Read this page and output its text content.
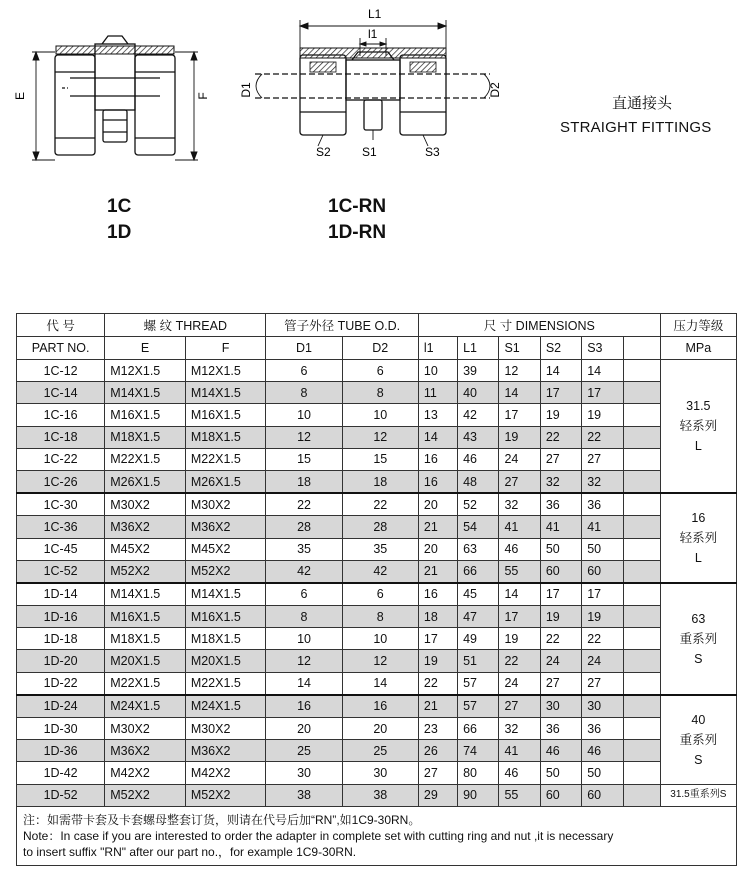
E	F
L1
l1
D1	D2
S2	S1	S3
直通接头
STRAIGHT FITTINGS
1C
1D
1C-RN
1D-RN
代 号	螺 纹 THREAD		管子外径 TUBE O.D.		尺 寸 DIMENSIONS						压力等级
PART NO.	E	F	D1	D2	l1	L1	S1	S2	S3		MPa
1C-12	M12X1.5	M12X1.5	6	6	10	39	12	14	14		31.5
轻系列
L

1C-14	M14X1.5	M14X1.5	8	8	11	40	14	17	17		
1C-16	M16X1.5	M16X1.5	10	10	13	42	17	19	19		
1C-18	M18X1.5	M18X1.5	12	12	14	43	19	22	22		
1C-22	M22X1.5	M22X1.5	15	15	16	46	24	27	27		
1C-26	M26X1.5	M26X1.5	18	18	16	48	27	32	32		
1C-30	M30X2	M30X2	22	22	20	52	32	36	36		16
轻系列
L

1C-36	M36X2	M36X2	28	28	21	54	41	41	41		
1C-45	M45X2	M45X2	35	35	20	63	46	50	50		
1C-52	M52X2	M52X2	42	42	21	66	55	60	60		
1D-14	M14X1.5	M14X1.5	6	6	16	45	14	17	17		63
重系列
S

1D-16	M16X1.5	M16X1.5	8	8	18	47	17	19	19		
1D-18	M18X1.5	M18X1.5	10	10	17	49	19	22	22		
1D-20	M20X1.5	M20X1.5	12	12	19	51	22	24	24		
1D-22	M22X1.5	M22X1.5	14	14	22	57	24	27	27		
1D-24	M24X1.5	M24X1.5	16	16	21	57	27	30	30		40
重系列
S

1D-30	M30X2	M30X2	20	20	23	66	32	36	36		
1D-36	M36X2	M36X2	25	25	26	74	41	46	46		
1D-42	M42X2	M42X2	30	30	27	80	46	50	50		
1D-52	M52X2	M52X2	38	38	29	90	55	60	60		31.5重系列S

注：如需带卡套及卡套螺母整套订货，则请在代号后加“RN”,如1C9-30RN。
Note：In case if you are interested to order the adapter in complete set with cutting ring and nut ,it is necessary
to insert suffix "RN" after our part no.，for example 1C9-30RN.											
